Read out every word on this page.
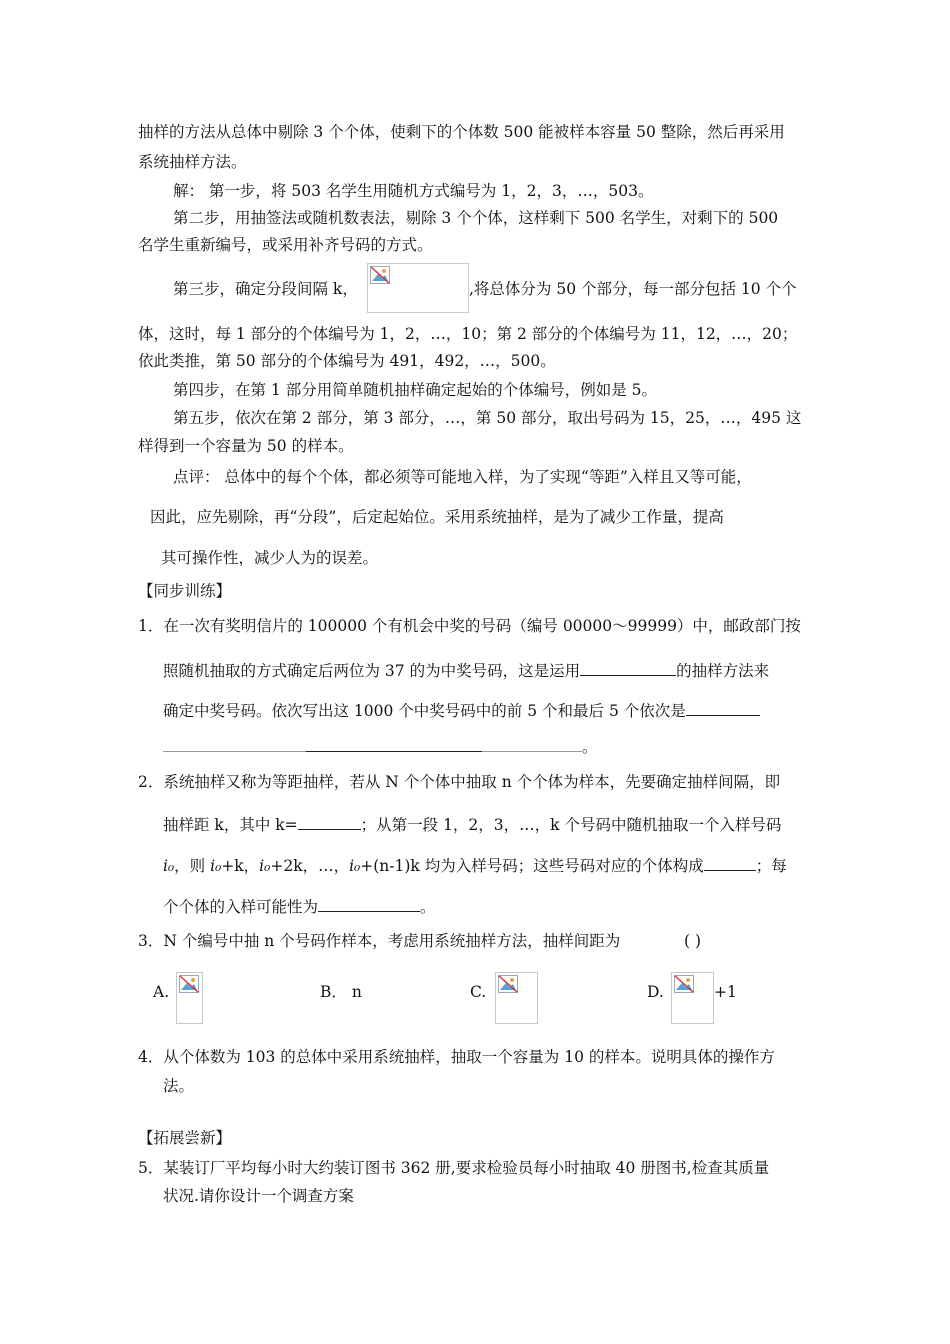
抽样的方法从总体中剔除 3 个个体，使剩下的个体数 500 能被样本容量 50 整除，然后再采用
系统抽样方法。
解： 第一步，将 503 名学生用随机方式编号为 1，2，3，…，503。
第二步，用抽签法或随机数表法，剔除 3 个个体，这样剩下 500 名学生，对剩下的 500
名学生重新编号，或采用补齐号码的方式。
第三步，确定分段间隔 k，	,将总体分为 50 个部分，每一部分包括 10 个个
体，这时，每 1 部分的个体编号为 1，2，…，10；第 2 部分的个体编号为 11，12，…，20；
依此类推，第 50 部分的个体编号为 491，492，…，500。
第四步，在第 1 部分用简单随机抽样确定起始的个体编号，例如是 5。
第五步，依次在第 2 部分，第 3 部分，…，第 50 部分，取出号码为 15，25，…，495 这
样得到一个容量为 50 的样本。
点评： 总体中的每个个体，都必须等可能地入样，为了实现“等距”入样且又等可能，
因此，应先剔除，再“分段”，后定起始位。采用系统抽样，是为了减少工作量，提高
其可操作性，减少人为的误差。
【同步训练】
1．在一次有奖明信片的 100000 个有机会中奖的号码（编号 00000～99999）中，邮政部门按
照随机抽取的方式确定后两位为 37 的为中奖号码，这是运用	的抽样方法来
确定中奖号码。依次写出这 1000 个中奖号码中的前 5 个和最后 5 个依次是
。
2．系统抽样又称为等距抽样，若从 N 个个体中抽取 n 个个体为样本，先要确定抽样间隔，即
抽样距 k，其中 k=	；从第一段 1，2，3，…，k 个号码中随机抽取一个入样号码
i₀，则 i₀+k，i₀+2k，…，i₀+(n-1)k 均为入样号码；这些号码对应的个体构成	；每
个个体的入样可能性为	。
3．N 个编号中抽 n 个号码作样本，考虑用系统抽样方法，抽样间距为	( )
A.	B． n	C.	D.	+1
4．从个体数为 103 的总体中采用系统抽样，抽取一个容量为 10 的样本。说明具体的操作方
法。
【拓展尝新】
5．某装订厂平均每小时大约装订图书 362 册,要求检验员每小时抽取 40 册图书,检查其质量
状况.请你设计一个调查方案
